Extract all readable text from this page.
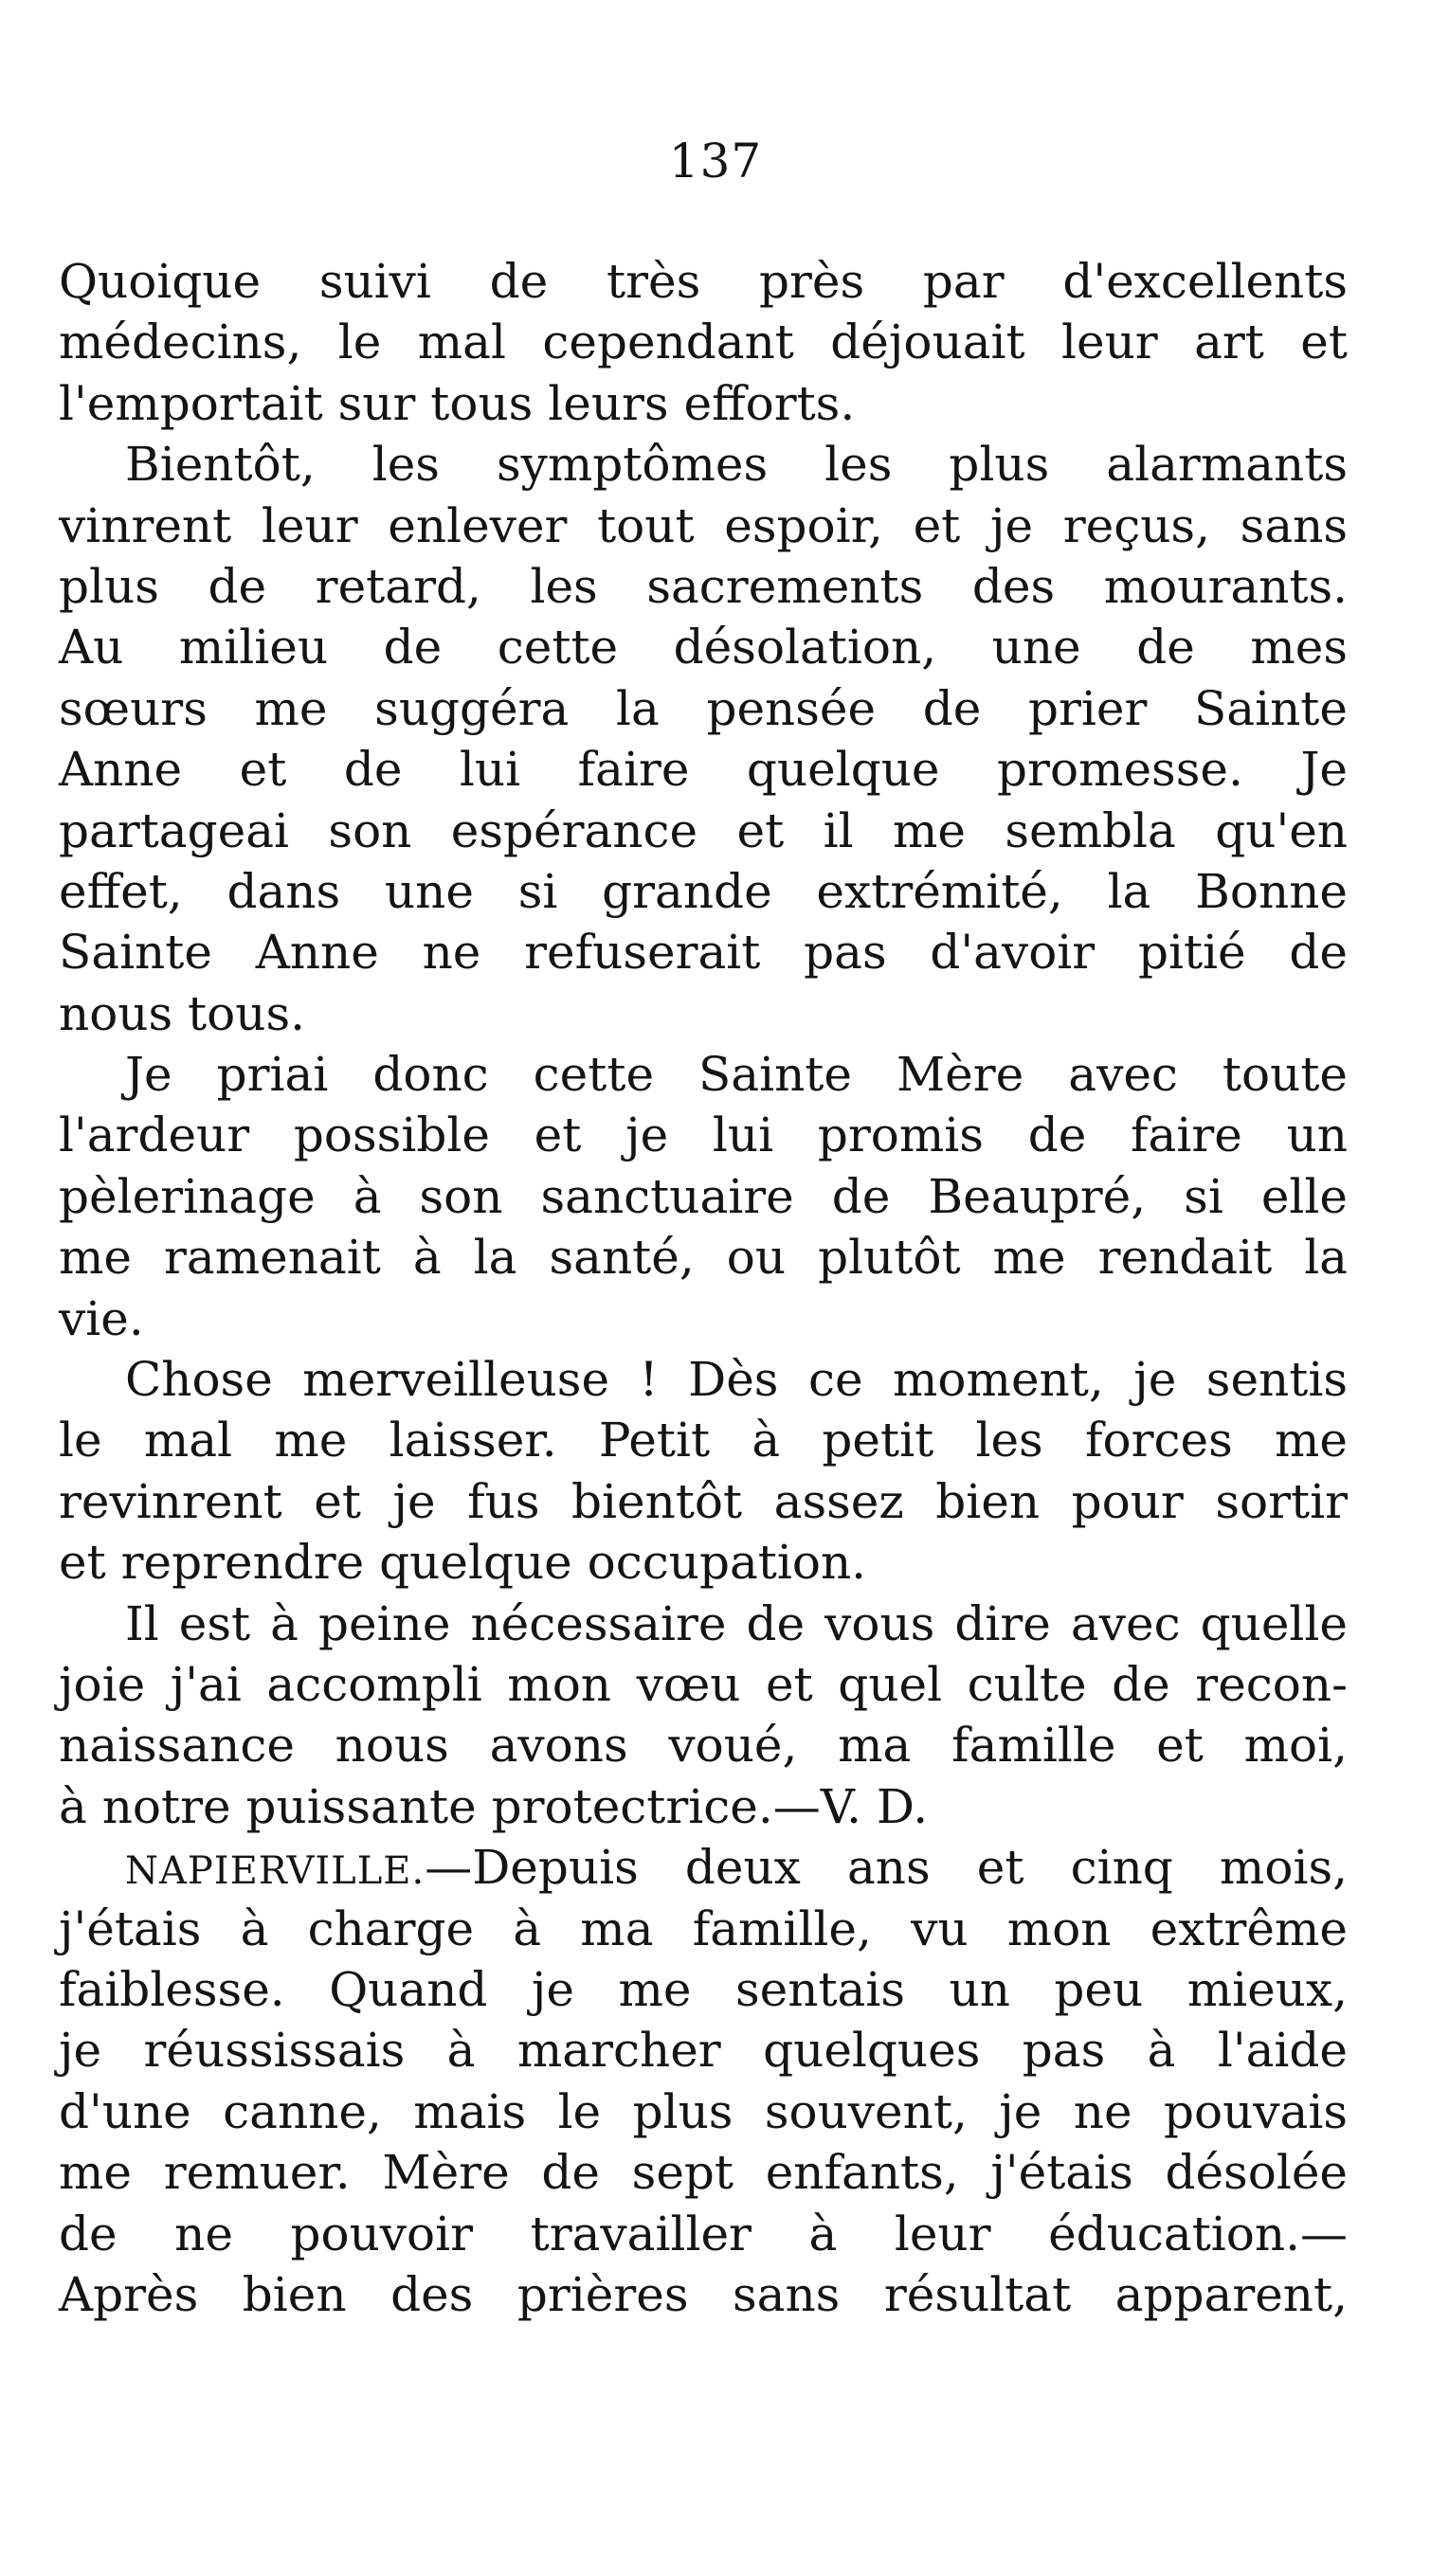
137
Quoique suivi de très près par d'excellents
médecins, le mal cependant déjouait leur art et
l'emportait sur tous leurs efforts.
Bientôt, les symptômes les plus alarmants
vinrent leur enlever tout espoir, et je reçus, sans
plus de retard, les sacrements des mourants.
Au milieu de cette désolation, une de mes
sœurs me suggéra la pensée de prier Sainte
Anne et de lui faire quelque promesse. Je
partageai son espérance et il me sembla qu'en
effet, dans une si grande extrémité, la Bonne
Sainte Anne ne refuserait pas d'avoir pitié de
nous tous.
Je priai donc cette Sainte Mère avec toute
l'ardeur possible et je lui promis de faire un
pèlerinage à son sanctuaire de Beaupré, si elle
me ramenait à la santé, ou plutôt me rendait la
vie.
Chose merveilleuse ! Dès ce moment, je sentis
le mal me laisser. Petit à petit les forces me
revinrent et je fus bientôt assez bien pour sortir
et reprendre quelque occupation.
Il est à peine nécessaire de vous dire avec quelle
joie j'ai accompli mon vœu et quel culte de recon-
naissance nous avons voué, ma famille et moi,
à notre puissante protectrice.—V. D.
NAPIERVILLE.—Depuis deux ans et cinq mois,
j'étais à charge à ma famille, vu mon extrême
faiblesse. Quand je me sentais un peu mieux,
je réussissais à marcher quelques pas à l'aide
d'une canne, mais le plus souvent, je ne pouvais
me remuer. Mère de sept enfants, j'étais désolée
de ne pouvoir travailler à leur éducation.—
Après bien des prières sans résultat apparent,
